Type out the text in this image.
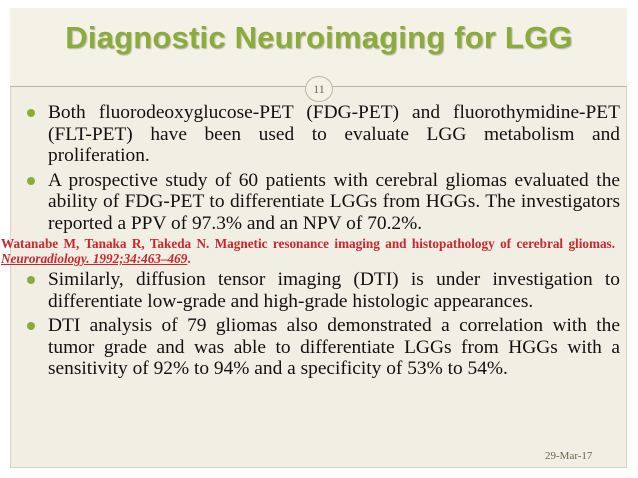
Diagnostic Neuroimaging for LGG
11

Both fluorodeoxyglucose-PET (FDG-PET) and fluorothymidine-PET (FLT-PET) have been used to evaluate LGG metabolism and proliferation.

A prospective study of 60 patients with cerebral gliomas evaluated the ability of FDG-PET to differentiate LGGs from HGGs. The investigators reported a PPV of 97.3% and an NPV of 70.2%.

Watanabe M, Tanaka R, Takeda N. Magnetic resonance imaging and histopathology of cerebral gliomas. Neuroradiology. 1992;34:463–469.

Similarly, diffusion tensor imaging (DTI) is under investigation to differentiate low-grade and high-grade histologic appearances.

DTI analysis of 79 gliomas also demonstrated a correlation with the tumor grade and was able to differentiate LGGs from HGGs with a sensitivity of 92% to 94% and a specificity of 53% to 54%.

29-Mar-17
